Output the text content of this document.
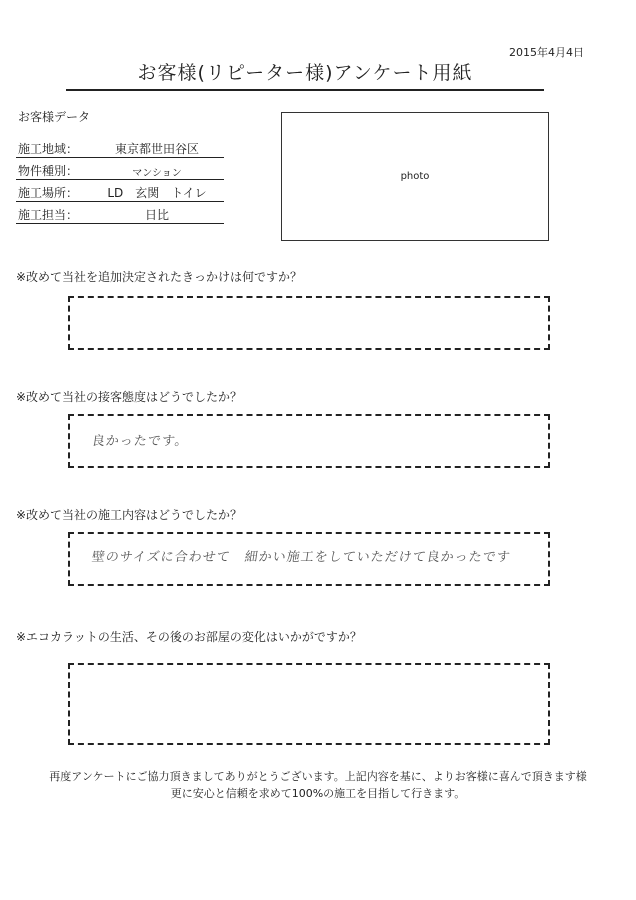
2015年4月4日
お客様(リピーター様)アンケート用紙
お客様データ
施工地域：	東京都世田谷区
物件種別：	マンション
施工場所：	LD　玄関　トイレ
施工担当：	日比
photo
※改めて当社を追加決定されたきっかけは何ですか？
※改めて当社の接客態度はどうでしたか？
良かったです。
※改めて当社の施工内容はどうでしたか？
壁のサイズに合わせて　細かい施工をしていただけて良かったです
※エコカラットの生活、その後のお部屋の変化はいかがですか？
再度アンケートにご協力頂きましてありがとうございます。上記内容を基に、よりお客様に喜んで頂きます様
更に安心と信頼を求めて100%の施工を目指して行きます。
